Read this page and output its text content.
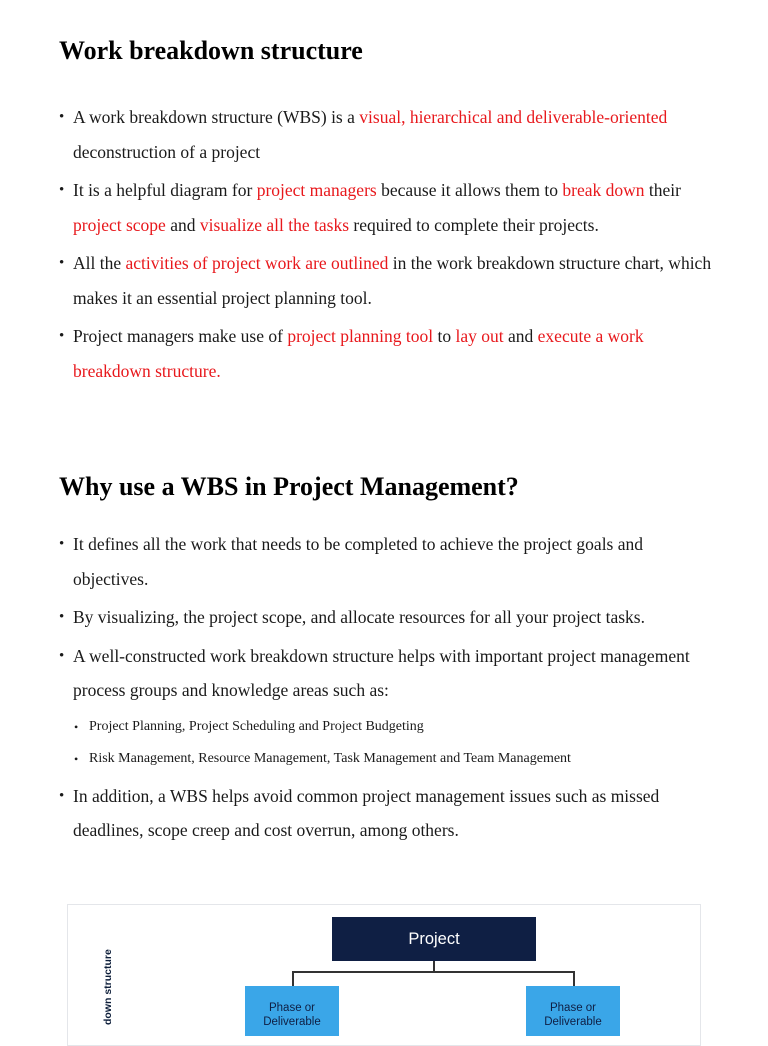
Work breakdown structure
• A work breakdown structure (WBS) is a visual, hierarchical and deliverable-oriented deconstruction of a project
• It is a helpful diagram for project managers because it allows them to break down their project scope and visualize all the tasks required to complete their projects.
• All the activities of project work are outlined in the work breakdown structure chart, which makes it an essential project planning tool.
• Project managers make use of project planning tool to lay out and execute a work breakdown structure.
Why use a WBS in Project Management?
• It defines all the work that needs to be completed to achieve the project goals and objectives.
• By visualizing, the project scope, and allocate resources for all your project tasks.
• A well-constructed work breakdown structure helps with important project management process groups and knowledge areas such as:
• Project Planning, Project Scheduling and Project Budgeting
• Risk Management, Resource Management, Task Management and Team Management
• In addition, a WBS helps avoid common project management issues such as missed deadlines, scope creep and cost overrun, among others.
down structure
Project
Phase or Deliverable
Phase or Deliverable
